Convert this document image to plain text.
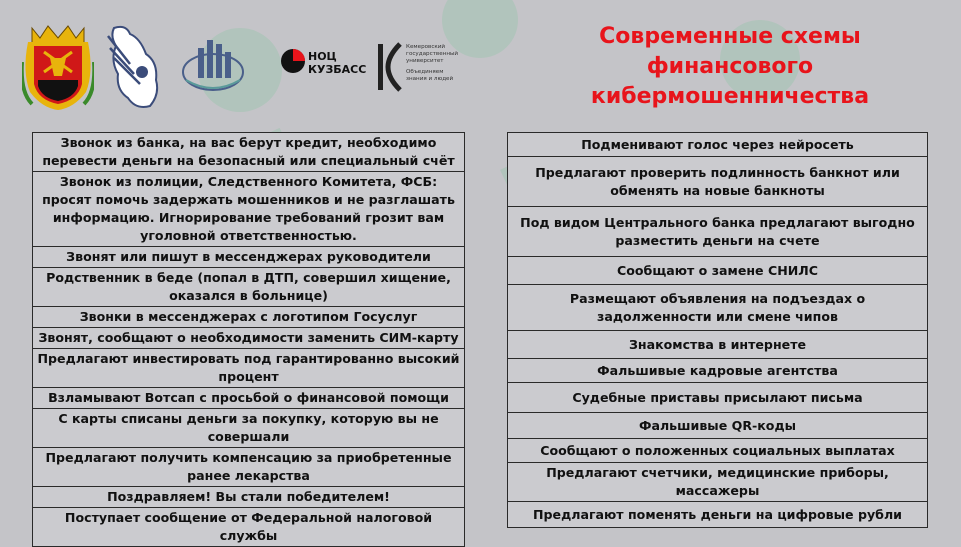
НОЦ
КУЗБАСС
Кемеровский
государственный
университет
Объединяем
знания и людей
Современные схемы
финансового
кибермошенничества
Звонок из банка, на вас берут кредит, необходимо перевести деньги на безопасный или специальный счёт
Звонок из полиции, Следственного Комитета, ФСБ: просят помочь задержать мошенников и не разглашать информацию. Игнорирование требований грозит вам уголовной ответственностью.
Звонят или пишут в мессенджерах руководители
Родственник в беде (попал в ДТП, совершил хищение, оказался в больнице)
Звонки в мессенджерах с логотипом Госуслуг
Звонят, сообщают о необходимости заменить СИМ-карту
Предлагают инвестировать под гарантированно высокий процент
Взламывают Вотсап с просьбой о финансовой помощи
С карты списаны деньги за покупку, которую вы не совершали
Предлагают получить компенсацию за приобретенные ранее лекарства
Поздравляем! Вы стали победителем!
Поступает сообщение от Федеральной налоговой службы
Подменивают голос через нейросеть
Предлагают проверить подлинность банкнот или обменять на новые банкноты
Под видом Центрального банка предлагают выгодно разместить деньги на счете
Сообщают о замене СНИЛС
Размещают объявления на подъездах о задолженности или смене чипов
Знакомства в интернете
Фальшивые кадровые агентства
Судебные приставы присылают письма
Фальшивые QR-коды
Сообщают о положенных социальных выплатах
Предлагают счетчики, медицинские приборы, массажеры
Предлагают поменять деньги на цифровые рубли
